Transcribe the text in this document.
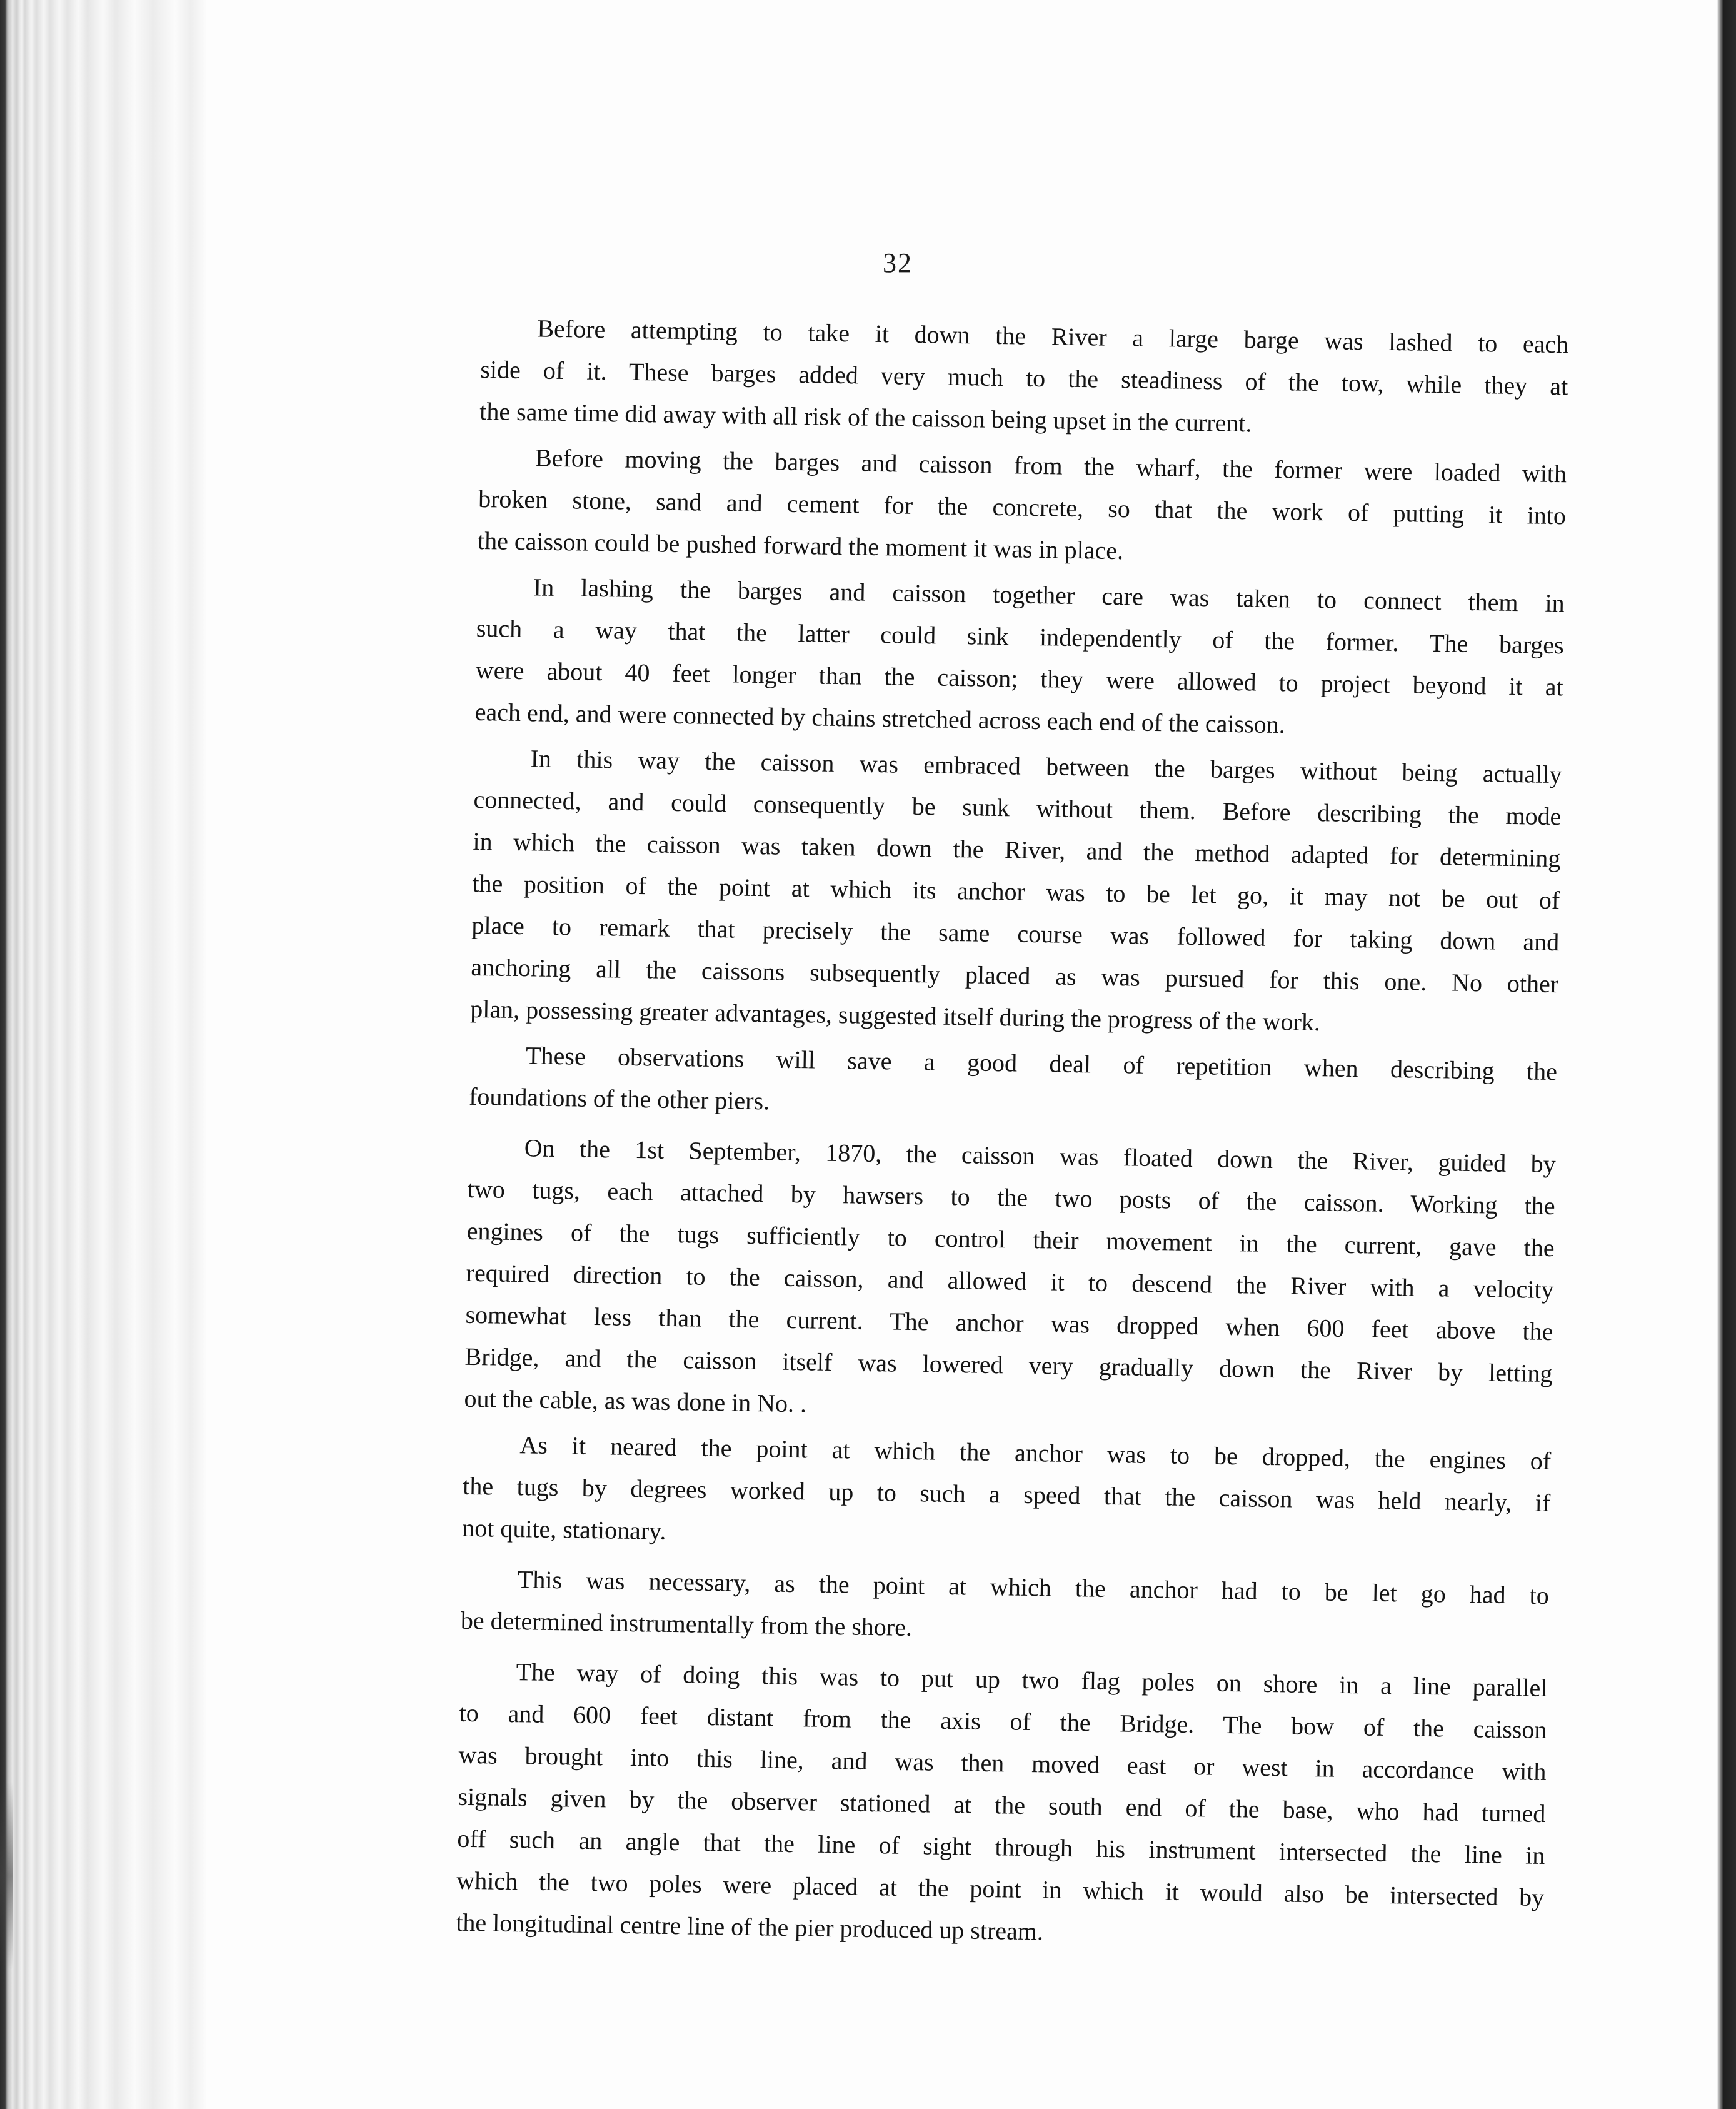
32
Before attempting to take it down the River a large barge was lashed to each
side of it. These barges added very much to the steadiness of the tow, while they at
the same time did away with all risk of the caisson being upset in the current.
Before moving the barges and caisson from the wharf, the former were loaded with
broken stone, sand and cement for the concrete, so that the work of putting it into
the caisson could be pushed forward the moment it was in place.
In lashing the barges and caisson together care was taken to connect them in
such a way that the latter could sink independently of the former. The barges
were about 40 feet longer than the caisson; they were allowed to project beyond it at
each end, and were connected by chains stretched across each end of the caisson.
In this way the caisson was embraced between the barges without being actually
connected, and could consequently be sunk without them. Before describing the mode
in which the caisson was taken down the River, and the method adapted for determining
the position of the point at which its anchor was to be let go, it may not be out of
place to remark that precisely the same course was followed for taking down and
anchoring all the caissons subsequently placed as was pursued for this one. No other
plan, possessing greater advantages, suggested itself during the progress of the work.
These observations will save a good deal of repetition when describing the
foundations of the other piers.
On the 1st September, 1870, the caisson was floated down the River, guided by
two tugs, each attached by hawsers to the two posts of the caisson. Working the
engines of the tugs sufficiently to control their movement in the current, gave the
required direction to the caisson, and allowed it to descend the River with a velocity
somewhat less than the current. The anchor was dropped when 600 feet above the
Bridge, and the caisson itself was lowered very gradually down the River by letting
out the cable, as was done in No. .
As it neared the point at which the anchor was to be dropped, the engines of
the tugs by degrees worked up to such a speed that the caisson was held nearly, if
not quite, stationary.
This was necessary, as the point at which the anchor had to be let go had to
be determined instrumentally from the shore.
The way of doing this was to put up two flag poles on shore in a line parallel
to and 600 feet distant from the axis of the Bridge. The bow of the caisson
was brought into this line, and was then moved east or west in accordance with
signals given by the observer stationed at the south end of the base, who had turned
off such an angle that the line of sight through his instrument intersected the line in
which the two poles were placed at the point in which it would also be intersected by
the longitudinal centre line of the pier produced up stream.
